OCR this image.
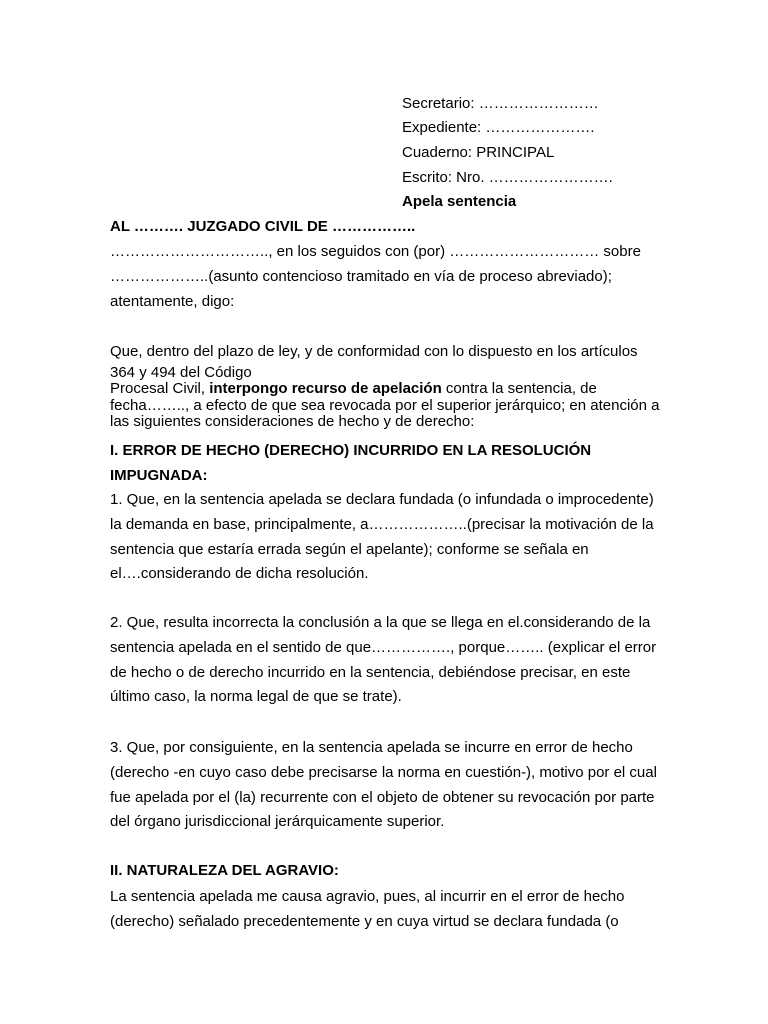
Secretario: ……………………
Expediente: ………………….
Cuaderno: PRINCIPAL
Escrito: Nro. …………………….
Apela sentencia
AL ………. JUZGADO CIVIL DE ……………..
………………………….., en los seguidos con (por) ………………………… sobre ………………..(asunto contencioso tramitado en vía de proceso abreviado); atentamente, digo:
Que, dentro del plazo de ley, y de conformidad con lo dispuesto en los artículos
364 y 494 del Código
Procesal Civil, interpongo recurso de apelación contra la sentencia, de fecha…….., a efecto de que sea revocada por el superior jerárquico; en atención a las siguientes consideraciones de hecho y de derecho:
I. ERROR DE HECHO (DERECHO) INCURRIDO EN LA RESOLUCIÓN IMPUGNADA:
1. Que, en la sentencia apelada se declara fundada (o infundada o improcedente) la demanda en base, principalmente, a………………..(precisar la motivación de la sentencia que estaría errada según el apelante); conforme se señala en el….considerando de dicha resolución.
2. Que, resulta incorrecta la conclusión a la que se llega en el.considerando de la sentencia apelada en el sentido de que……………., porque…….. (explicar el error de hecho o de derecho incurrido en la sentencia, debiéndose precisar, en este último caso, la norma legal de que se trate).
3. Que, por consiguiente, en la sentencia apelada se incurre en error de hecho (derecho -en cuyo caso debe precisarse la norma en cuestión-), motivo por el cual fue apelada por el (la) recurrente con el objeto de obtener su revocación por parte del órgano jurisdiccional jerárquicamente superior.
II. NATURALEZA DEL AGRAVIO:
La sentencia apelada me causa agravio, pues, al incurrir en el error de hecho (derecho) señalado precedentemente y en cuya virtud se declara fundada (o
